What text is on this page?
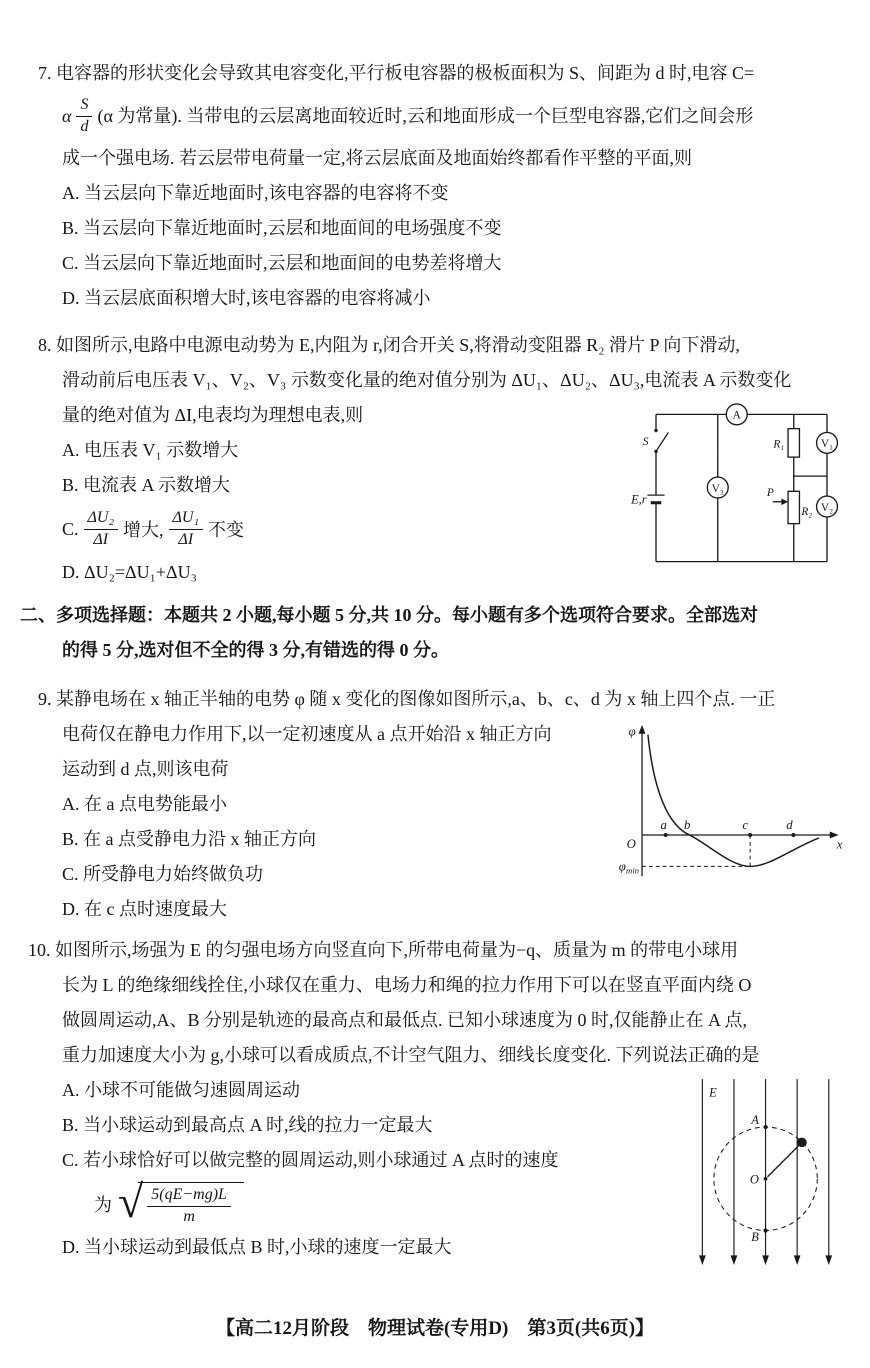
7. 电容器的形状变化会导致其电容变化,平行板电容器的极板面积为 S、间距为 d 时,电容 C=
α $\frac{S}{d} (\alpha$ 为常量). 当带电的云层离地面较近时,云和地面形成一个巨型电容器,它们之间会形
成一个强电场. 若云层带电荷量一定,将云层底面及地面始终都看作平整的平面,则
A. 当云层向下靠近地面时,该电容器的电容将不变
B. 当云层向下靠近地面时,云层和地面间的电场强度不变
C. 当云层向下靠近地面时,云层和地面间的电势差将增大
D. 当云层底面积增大时,该电容器的电容将减小
8. 如图所示,电路中电源电动势为 E,内阻为 r,闭合开关 S,将滑动变阻器 R₂ 滑片 P 向下滑动,
滑动前后电压表 V₁、V₂、V₃ 示数变化量的绝对值分别为 ΔU₁、ΔU₂、ΔU₃,电流表 A 示数变化
A
V₁
V₃
V₂
S
E,r
R₁
P
R₂
量的绝对值为 ΔI,电表均为理想电表,则
A. 电压表 V₁ 示数增大
B. 电流表 A 示数增大
C. $\frac{\text{ΔU₂}}{\Delta I}$ 增大, $\frac{\text{ΔU₁}}{\Delta I}$ 不变
D. ΔU₂=ΔU₁+ΔU₃
二、多项选择题：本题共 2 小题,每小题 5 分,共 10 分。每小题有多个选项符合要求。全部选对
的得 5 分,选对但不全的得 3 分,有错选的得 0 分。
9. 某静电场在 x 轴正半轴的电势 φ 随 x 变化的图像如图所示,a、b、c、d 为 x 轴上四个点. 一正
φ
x
O
a b	c	d
$\varphi_{min}$
电荷仅在静电力作用下,以一定初速度从 a 点开始沿 x 轴正方向
运动到 d 点,则该电荷
A. 在 a 点电势能最小
B. 在 a 点受静电力沿 x 轴正方向
C. 所受静电力始终做负功
D. 在 c 点时速度最大
10. 如图所示,场强为 E 的匀强电场方向竖直向下,所带电荷量为−q、质量为 m 的带电小球用
长为 L 的绝缘细线拴住,小球仅在重力、电场力和绳的拉力作用下可以在竖直平面内绕 O
做圆周运动,A、B 分别是轨迹的最高点和最低点. 已知小球速度为 0 时,仅能静止在 A 点,
重力加速度大小为 g,小球可以看成质点,不计空气阻力、细线长度变化. 下列说法正确的是
E
A
O
B
A. 小球不可能做匀速圆周运动
B. 当小球运动到最高点 A 时,线的拉力一定最大
C. 若小球恰好可以做完整的圆周运动,则小球通过 A 点时的速度
为 √ $\frac{5(qE-mg)L}{m}$
D. 当小球运动到最低点 B 时,小球的速度一定最大
【高二12月阶段　物理试卷(专用D)　第3页(共6页)】
